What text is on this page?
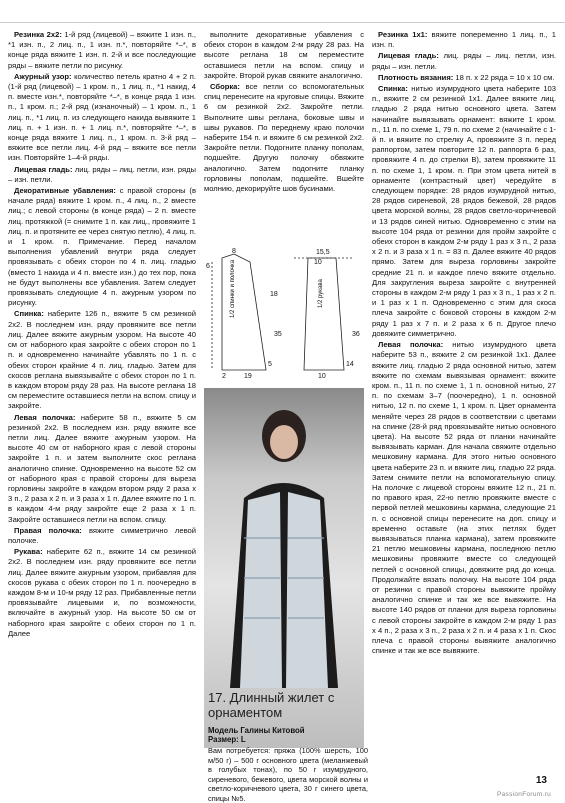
Резинка 2х2: 1-й ряд (лицевой) – вяжите 1 изн. п., *1 изн. п., 2 лиц. п., 1 изн. п.*, повторяйте *–*, в конце ряда вяжите 1 изн. п. 2-й и все последующие ряды – вяжите петли по рисунку.

Ажурный узор: количество петель кратно 4 + 2 п. (1-й ряд (лицевой) – 1 кром. п., 1 лиц. п., *1 накид, 4 п. вместе изн.*, повторяйте *–*, в конце ряда 1 изн. п., 1 кром. п.; 2-й ряд (изнаночный) – 1 кром. п., 1 лиц. п., *1 лиц. п. из следующего накида вывяжите 1 лиц. п. + 1 изн. п. + 1 лиц. п.*, повторяйте *–*, в конце ряда вяжите 1 лиц. п., 1 кром. п. 3-й ряд – вяжите все петли лиц. 4-й ряд – вяжите все петли изн. Повторяйте 1–4-й ряды.

Лицевая гладь: лиц. ряды – лиц. петли, изн. ряды – изн. петли.

Декоративные убавления: с правой стороны (в начале ряда) вяжите 1 кром. п., 4 лиц. п., 2 вместе лиц.; с левой стороны (в конце ряда) – 2 п. вместе лиц. протяжкой (= снимите 1 п. как лиц., провяжите 1 лиц. п. и протяните ее через снятую петлю), 4 лиц. п. и 1 кром. п. Примечание. Перед началом выполнения убавлений внутри ряда следует провязывать с обеих сторон по 4 п. лиц. гладью (вместо 1 накида и 4 п. вместе изн.) до тех пор, пока не будут выполнены все убавления. Затем следует провязывать следующие 4 п. ажурным узором по рисунку.

Спинка: наберите 126 п., вяжите 5 см резинкой 2х2. В последнем изн. ряду провяжите все петли лиц. Далее вяжите ажурным узором. На высоте 40 см от наборного края закройте с обеих сторон по 1 п. и одновременно начинайте убавлять по 1 п. с обеих сторон крайние 4 п. лиц. гладью. Затем для скосов реглана вывязывайте с обеих сторон по 1 п. в каждом втором ряду 28 раз. На высоте реглана 18 см переместите оставшиеся петли на вспом. спицу и закройте.

Левая полочка: наберите 58 п., вяжите 5 см резинкой 2х2. В последнем изн. ряду вяжите все петли лиц. Далее вяжите ажурным узором. На высоте 40 см от наборного края с левой стороны закройте 1 п. и затем выполните скос реглана аналогично спинке. Одновременно на высоте 52 см от наборного края с правой стороны для выреза горловины закройте в каждом втором ряду 2 раза х 3 п., 2 раза х 2 п. и 3 раза х 1 п. Далее вяжите по 1 п. в каждом 4-м ряду закройте еще 2 раза х 1 п. Закройте оставшиеся петли на вспом. спицу.

Правая полочка: вяжите симметрично левой полочке.

Рукава: наберите 62 п., вяжите 14 см резинкой 2х2. В последнем изн. ряду провяжите все петли лиц. Далее вяжите ажурным узором, прибавляя для скосов рукава с обеих сторон по 1 п. поочередно в каждом 8-м и 10-м ряду 12 раз. Прибавленные петли провязывайте лицевыми и, по возможности, включайте в ажурный узор. На высоте 50 см от наборного края закройте с обеих сторон по 1 п. Далее

выполните декоративные убавления с обеих сторон в каждом 2-м ряду 28 раз. На высоте реглана 18 см переместите оставшиеся петли на вспом. спицу и закройте. Второй рукав свяжите аналогично.

Сборка: все петли со вспомогательных спиц перенесите на круговые спицы. Вяжите 6 см резинкой 2х2. Закройте петли. Выполните швы реглана, боковые швы и швы рукавов. По переднему краю полочки наберите 154 п. и вяжите 6 см резинкой 2х2. Закройте петли. Подогните планку пополам, подшейте. Другую полочку обвяжите аналогично. Затем подогните планку горловины пополам, подшейте. Вшейте молнию, декорируйте шов бусинами.

8
6
15,5
10
18
35	36
5
2	19
14
10
1/2 спинки и полочка	1/2 рукава
17. Длинный жилет с орнаментом
Модель Галины Китовой
Размер: L
Вам потребуется: пряжа (100% шерсть, 100 м/50 г) – 500 г основного цвета (меланжевый в голубых тонах), по 50 г изумрудного, сиреневого, бежевого, цвета морской волны и светло-коричневого цвета, 30 г синего цвета, спицы №5.

Резинка 1х1: вяжите попеременно 1 лиц. п., 1 изн. п.

Лицевая гладь: лиц. ряды – лиц. петли, изн. ряды – изн. петли.

Плотность вязания: 18 п. х 22 ряда = 10 х 10 см.

Спинка: нитью изумрудного цвета наберите 103 п., вяжите 2 см резинкой 1х1. Далее вяжите лиц. гладью 2 ряда нитью основного цвета. Затем начинайте вывязывать орнамент: вяжите 1 кром. п., 11 п. по схеме 1, 79 п. по схеме 2 (начинайте с 1-й п. и вяжите по стрелку А, провяжите 3 п. перед раппортом, затем повторите 12 п. раппорта 6 раз, провяжите 4 п. до стрелки В), затем провяжите 11 п. по схеме 1, 1 кром. п. При этом цвета нитей в орнаменте (контрастный цвет) чередуйте в следующем порядке: 28 рядов изумрудной нитью, 28 рядов сиреневой, 28 рядов бежевой, 28 рядов цвета морской волны, 28 рядов светло-коричневой и 13 рядов синей нитью. Одновременно с этим на высоте 104 ряда от резинки для пройм закройте с обеих сторон в каждом 2-м ряду 1 раз х 3 п., 2 раза х 2 п. и 3 раза х 1 п. = 83 п. Далее вяжите 40 рядов прямо. Затем для выреза горловины закройте средние 21 п. и каждое плечо вяжите отдельно. Для закругления выреза закройте с внутренней стороны в каждом 2-м ряду 1 раз х 3 п., 1 раз х 2 п. и 1 раз х 1 п. Одновременно с этим для скоса плеча закройте с боковой стороны в каждом 2-м ряду 1 раз х 7 п. и 2 раза х 6 п. Другое плечо довяжите симметрично.

Левая полочка: нитью изумрудного цвета наберите 53 п., вяжите 2 см резинкой 1х1. Далее вяжите лиц. гладью 2 ряда основной нитью, затем вяжите по схемам вывязывая орнамент: вяжите кром. п., 11 п. по схеме 1, 1 п. основной нитью, 27 п. по схемам 3–7 (поочередно), 1 п. основной нитью, 12 п. по схеме 1, 1 кром. п. Цвет орнамента меняйте через 28 рядов в соответствии с цветами на спинке (28-й ряд провязывайте нитью основного цвета). На высоте 52 ряда от планки начинайте вывязывать карман. Для начала свяжите отдельно мешковину кармана. Для этого нитью основного цвета наберите 23 п. и вяжите лиц. гладью 22 ряда. Затем снимите петли на вспомогательную спицу. На полочке с лицевой стороны вяжите 12 п., 21 п. по правого края, 22-ю петлю провяжите вместе с первой петлей мешковины кармана, следующие 21 п. с основной спицы перенесите на доп. спицу и временно оставьте (на этих петлях будет вывязываться планка кармана), затем провяжите 21 петлю мешковины кармана, последнюю петлю мешковины провяжите вместе со следующей петлей с основной спицы, довяжите ряд до конца. Продолжайте вязать полочку. На высоте 104 ряда от резинки с правой стороны вывяжите пройму аналогично спинке и так же все вывяжите. На высоте 140 рядов от планки для выреза горловины с левой стороны закройте в каждом 2-м ряду 1 раз х 4 п., 2 раза х 3 п., 2 раза х 2 п. и 4 раза х 1 п. Скос плеча с правой стороны вывяжите аналогично спинке и так же все вывяжите.

13
PassionForum.ru
